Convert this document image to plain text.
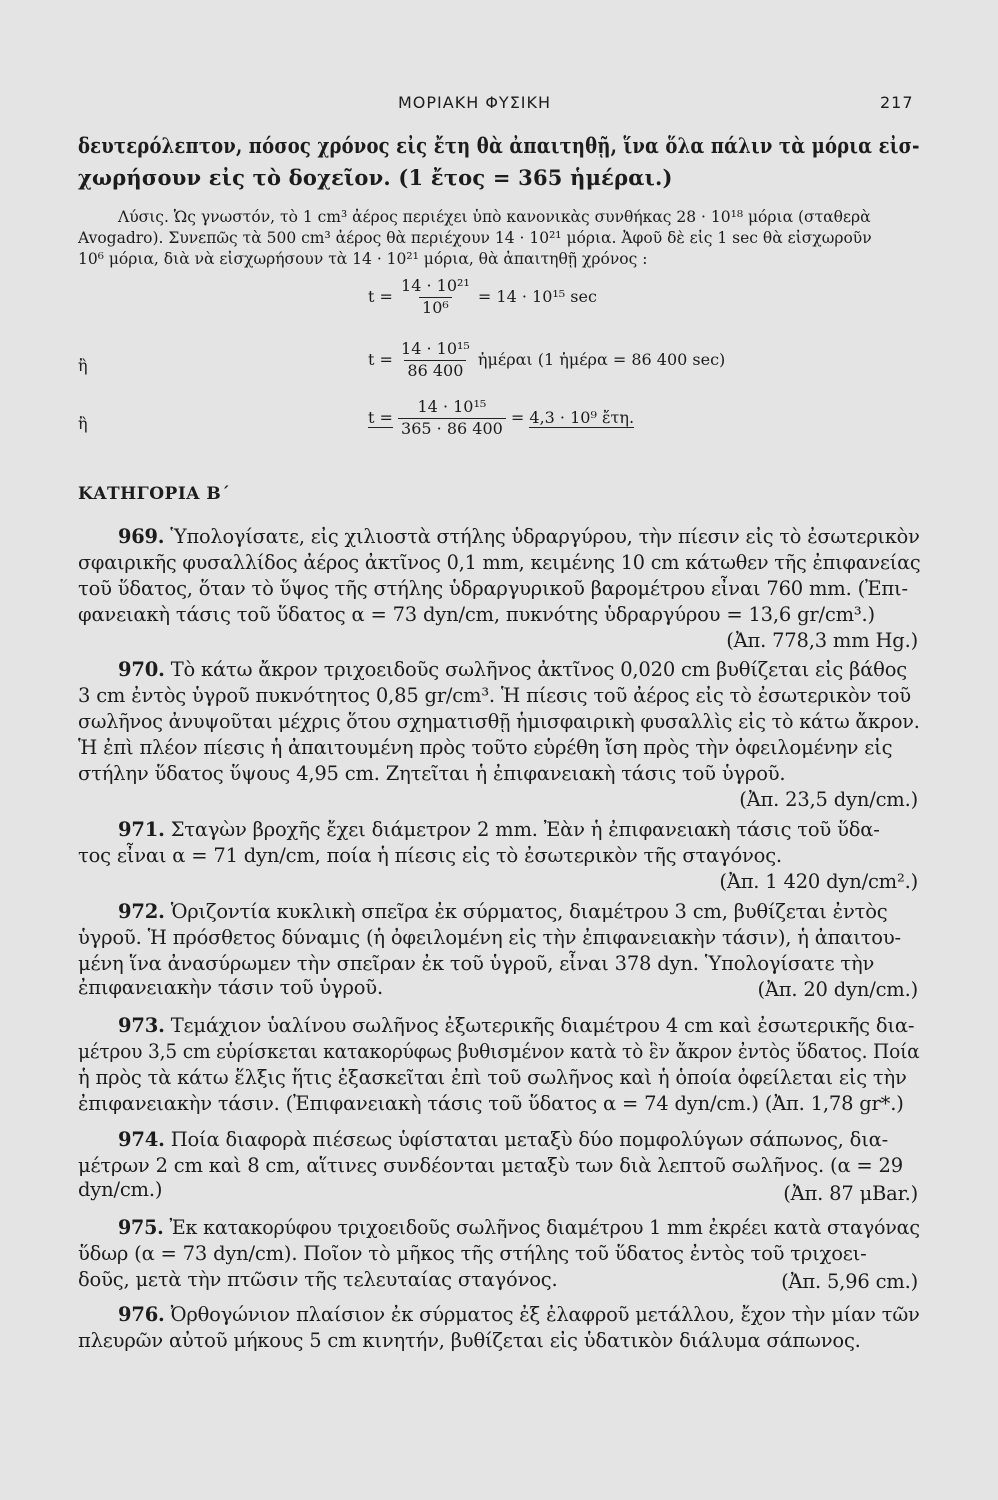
ΜΟΡΙΑΚΗ ΦΥΣΙΚΗ	217
δευτερόλεπτον, πόσος χρόνος εἰς ἔτη θὰ ἀπαιτηθῇ, ἵνα ὅλα πάλιν τὰ μόρια εἰσ-
χωρήσουν εἰς τὸ δοχεῖον. (1 ἔτος = 365 ἡμέραι.)
Λύσις. Ὡς γνωστόν, τὸ 1 cm³ ἀέρος περιέχει ὑπὸ κανονικὰς συνθήκας 28 · 10¹⁸ μόρια (σταθερὰ
Avogadro). Συνεπῶς τὰ 500 cm³ ἀέρος θὰ περιέχουν 14 · 10²¹ μόρια. Ἀφοῦ δὲ εἰς 1 sec θὰ εἰσχωροῦν
10⁶ μόρια, διὰ νὰ εἰσχωρήσουν τὰ 14 · 10²¹ μόρια, θὰ ἀπαιτηθῇ χρόνος :
$t = \frac{\text{14 · 10²¹}}{\text{10⁶}} = 14 \cdot 10^{15}$ sec
ἢ	$t = \frac{\text{14 · 10¹⁵}}{86 400}$ ἡμέραι (1 ἡμέρα = 86 400 sec)
ἢ	$t = \frac{\text{14 · 10¹⁵}}{365 \cdot 86 400} = 4,3 \cdot 10^9$ ἔτη.
ΚΑΤΗΓΟΡΙΑ Β΄
969. Ὑπολογίσατε, εἰς χιλιοστὰ στήλης ὑδραργύρου, τὴν πίεσιν εἰς τὸ ἐσωτερικὸν
σφαιρικῆς φυσαλλίδος ἀέρος ἀκτῖνος 0,1 mm, κειμένης 10 cm κάτωθεν τῆς ἐπιφανείας
τοῦ ὕδατος, ὅταν τὸ ὕψος τῆς στήλης ὑδραργυρικοῦ βαρομέτρου εἶναι 760 mm. (Ἐπι-
φανειακὴ τάσις τοῦ ὕδατος α = 73 dyn/cm, πυκνότης ὑδραργύρου = 13,6 gr/cm³.)
(Ἀπ. 778,3 mm Hg.)
970. Τὸ κάτω ἄκρον τριχοειδοῦς σωλῆνος ἀκτῖνος 0,020 cm βυθίζεται εἰς βάθος
3 cm ἐντὸς ὑγροῦ πυκνότητος 0,85 gr/cm³. Ἡ πίεσις τοῦ ἀέρος εἰς τὸ ἐσωτερικὸν τοῦ
σωλῆνος ἀνυψοῦται μέχρις ὅτου σχηματισθῇ ἡμισφαιρικὴ φυσαλλὶς εἰς τὸ κάτω ἄκρον.
Ἡ ἐπὶ πλέον πίεσις ἡ ἀπαιτουμένη πρὸς τοῦτο εὑρέθη ἴση πρὸς τὴν ὀφειλομένην εἰς
στήλην ὕδατος ὕψους 4,95 cm. Ζητεῖται ἡ ἐπιφανειακὴ τάσις τοῦ ὑγροῦ.
(Ἀπ. 23,5 dyn/cm.)
971. Σταγὼν βροχῆς ἔχει διάμετρον 2 mm. Ἐὰν ἡ ἐπιφανειακὴ τάσις τοῦ ὕδα-
τος εἶναι α = 71 dyn/cm, ποία ἡ πίεσις εἰς τὸ ἐσωτερικὸν τῆς σταγόνος.
(Ἀπ. 1 420 dyn/cm².)
972. Ὁριζοντία κυκλικὴ σπεῖρα ἐκ σύρματος, διαμέτρου 3 cm, βυθίζεται ἐντὸς
ὑγροῦ. Ἡ πρόσθετος δύναμις (ἡ ὀφειλομένη εἰς τὴν ἐπιφανειακὴν τάσιν), ἡ ἀπαιτου-
μένη ἵνα ἀνασύρωμεν τὴν σπεῖραν ἐκ τοῦ ὑγροῦ, εἶναι 378 dyn. Ὑπολογίσατε τὴν
ἐπιφανειακὴν τάσιν τοῦ ὑγροῦ.	(Ἀπ. 20 dyn/cm.)
973. Τεμάχιον ὑαλίνου σωλῆνος ἐξωτερικῆς διαμέτρου 4 cm καὶ ἐσωτερικῆς δια-
μέτρου 3,5 cm εὑρίσκεται κατακορύφως βυθισμένον κατὰ τὸ ἓν ἄκρον ἐντὸς ὕδατος. Ποία
ἡ πρὸς τὰ κάτω ἕλξις ἥτις ἐξασκεῖται ἐπὶ τοῦ σωλῆνος καὶ ἡ ὁποία ὀφείλεται εἰς τὴν
ἐπιφανειακὴν τάσιν. (Ἐπιφανειακὴ τάσις τοῦ ὕδατος α = 74 dyn/cm.) (Ἀπ. 1,78 gr*.)
974. Ποία διαφορὰ πιέσεως ὑφίσταται μεταξὺ δύο πομφολύγων σάπωνος, δια-
μέτρων 2 cm καὶ 8 cm, αἵτινες συνδέονται μεταξὺ των διὰ λεπτοῦ σωλῆνος. (α = 29
dyn/cm.)	(Ἀπ. 87 μBar.)
975. Ἐκ κατακορύφου τριχοειδοῦς σωλῆνος διαμέτρου 1 mm ἐκρέει κατὰ σταγόνας
ὕδωρ (α = 73 dyn/cm). Ποῖον τὸ μῆκος τῆς στήλης τοῦ ὕδατος ἐντὸς τοῦ τριχοει-
δοῦς, μετὰ τὴν πτῶσιν τῆς τελευταίας σταγόνος.	(Ἀπ. 5,96 cm.)
976. Ὀρθογώνιον πλαίσιον ἐκ σύρματος ἐξ ἐλαφροῦ μετάλλου, ἔχον τὴν μίαν τῶν
πλευρῶν αὐτοῦ μήκους 5 cm κινητήν, βυθίζεται εἰς ὑδατικὸν διάλυμα σάπωνος.
